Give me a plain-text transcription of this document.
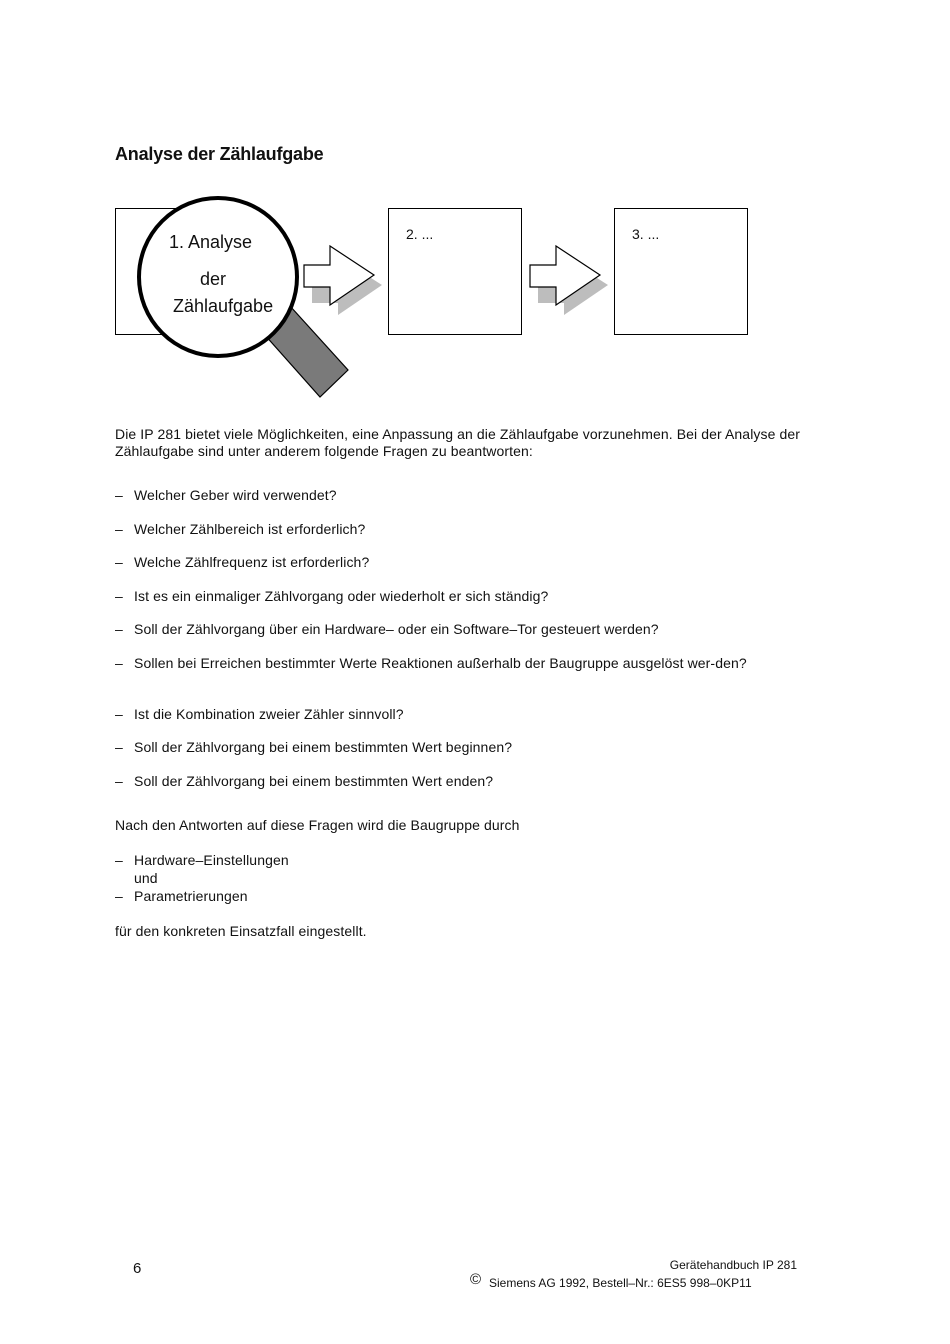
Analyse der Zählaufgabe
1. Analyse
der
Zählaufgabe
2. ...	3. ...
Die IP 281 bietet viele Möglichkeiten, eine Anpassung an die Zählaufgabe vorzunehmen. Bei der Analyse der Zählaufgabe sind unter anderem folgende Fragen zu beantworten:
– Welcher Geber wird verwendet?
– Welcher Zählbereich ist erforderlich?
– Welche Zählfrequenz ist erforderlich?
– Ist es ein einmaliger Zählvorgang oder wiederholt er sich ständig?
– Soll der Zählvorgang über ein Hardware– oder ein Software–Tor gesteuert werden?
– Sollen bei Erreichen bestimmter Werte Reaktionen außerhalb der Baugruppe ausgelöst wer-den?
– Ist die Kombination zweier Zähler sinnvoll?
– Soll der Zählvorgang bei einem bestimmten Wert beginnen?
– Soll der Zählvorgang bei einem bestimmten Wert enden?
Nach den Antworten auf diese Fragen wird die Baugruppe durch
– Hardware–Einstellungen
und
– Parametrierungen
für den konkreten Einsatzfall eingestellt.
6	Gerätehandbuch IP 281
© Siemens AG 1992, Bestell–Nr.: 6ES5 998–0KP11
